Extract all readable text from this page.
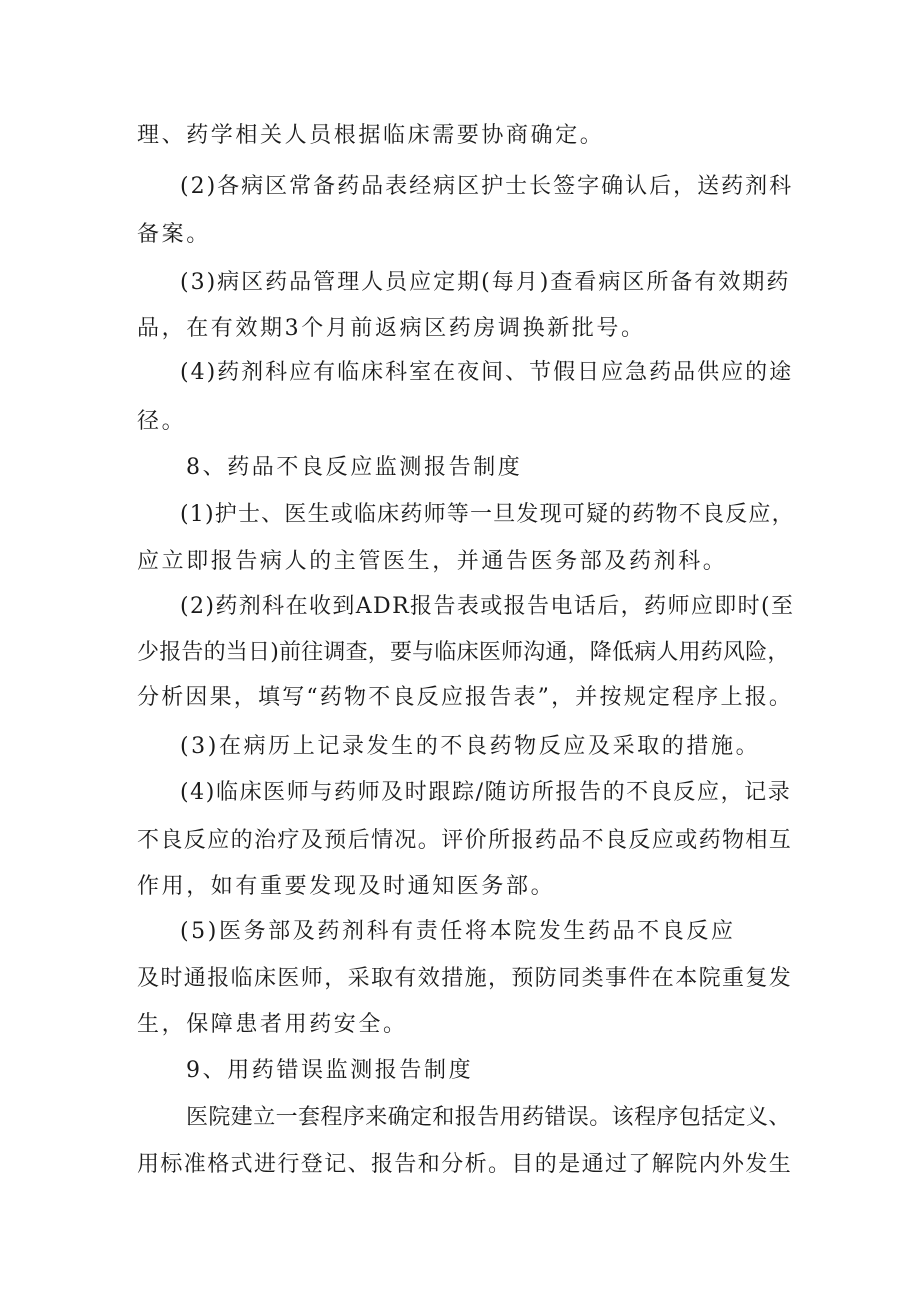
理、药学相关人员根据临床需要协商确定。
(2)各病区常备药品表经病区护士长签字确认后，送药剂科
备案。
(3)病区药品管理人员应定期(每月)查看病区所备有效期药
品，在有效期3个月前返病区药房调换新批号。
(4)药剂科应有临床科室在夜间、节假日应急药品供应的途
径。
8、药品不良反应监测报告制度
(1)护士、医生或临床药师等一旦发现可疑的药物不良反应，
应立即报告病人的主管医生，并通告医务部及药剂科。
(2)药剂科在收到ADR报告表或报告电话后，药师应即时(至
少报告的当日)前往调查，要与临床医师沟通，降低病人用药风险，
分析因果，填写“药物不良反应报告表”，并按规定程序上报。
(3)在病历上记录发生的不良药物反应及采取的措施。
(4)临床医师与药师及时跟踪/随访所报告的不良反应，记录
不良反应的治疗及预后情况。评价所报药品不良反应或药物相互
作用，如有重要发现及时通知医务部。
(5)医务部及药剂科有责任将本院发生药品不良反应
及时通报临床医师，采取有效措施，预防同类事件在本院重复发
生，保障患者用药安全。
9、用药错误监测报告制度
医院建立一套程序来确定和报告用药错误。该程序包括定义、
用标准格式进行登记、报告和分析。目的是通过了解院内外发生
